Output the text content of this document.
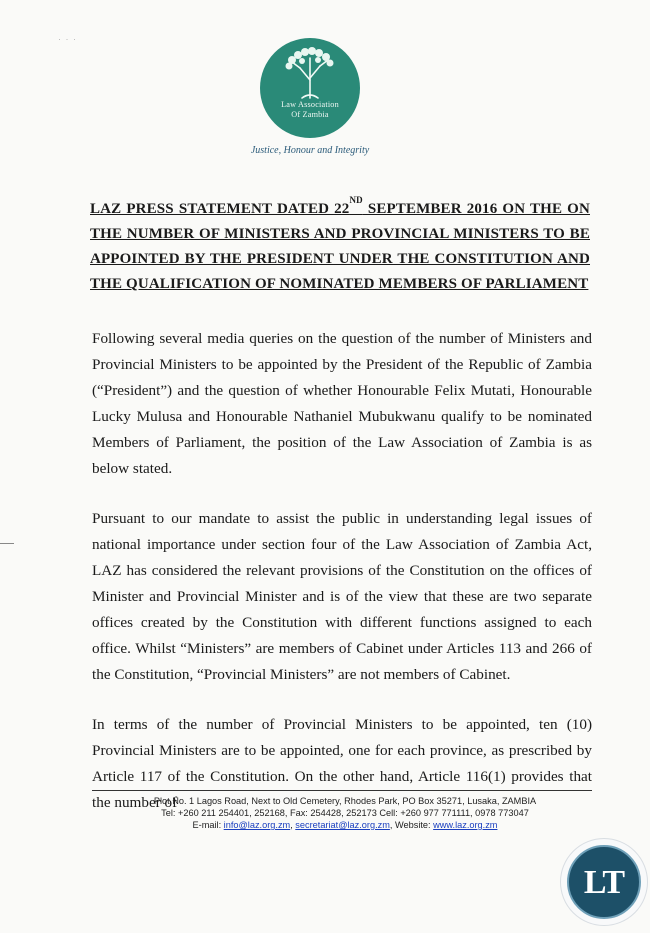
· · ·
Law Association
Of Zambia
Justice, Honour and Integrity
LAZ PRESS STATEMENT DATED 22ND SEPTEMBER 2016 ON THE ON
THE NUMBER OF MINISTERS AND PROVINCIAL MINISTERS TO BE
APPOINTED BY THE PRESIDENT UNDER THE CONSTITUTION AND
THE QUALIFICATION OF NOMINATED MEMBERS OF PARLIAMENT
Following several media queries on the question of the number of Ministers and Provincial Ministers to be appointed by the President of the Republic of Zambia (“President”) and the question of whether Honourable Felix Mutati, Honourable Lucky Mulusa and Honourable Nathaniel Mubukwanu qualify to be nominated Members of Parliament, the position of the Law Association of Zambia is as below stated.
Pursuant to our mandate to assist the public in understanding legal issues of national importance under section four of the Law Association of Zambia Act, LAZ has considered the relevant provisions of the Constitution on the offices of Minister and Provincial Minister and is of the view that these are two separate offices created by the Constitution with different functions assigned to each office. Whilst “Ministers” are members of Cabinet under Articles 113 and 266 of the Constitution, “Provincial Ministers” are not members of Cabinet.
In terms of the number of Provincial Ministers to be appointed, ten (10) Provincial Ministers are to be appointed, one for each province, as prescribed by Article 117 of the Constitution. On the other hand, Article 116(1) provides that the number of
Plot No. 1 Lagos Road, Next to Old Cemetery, Rhodes Park, PO Box 35271, Lusaka, ZAMBIA
Tel: +260 211 254401, 252168, Fax: 254428, 252173 Cell: +260 977 771111, 0978 773047
E-mail: info@laz.org.zm, secretariat@laz.org.zm, Website: www.laz.org.zm
LT
